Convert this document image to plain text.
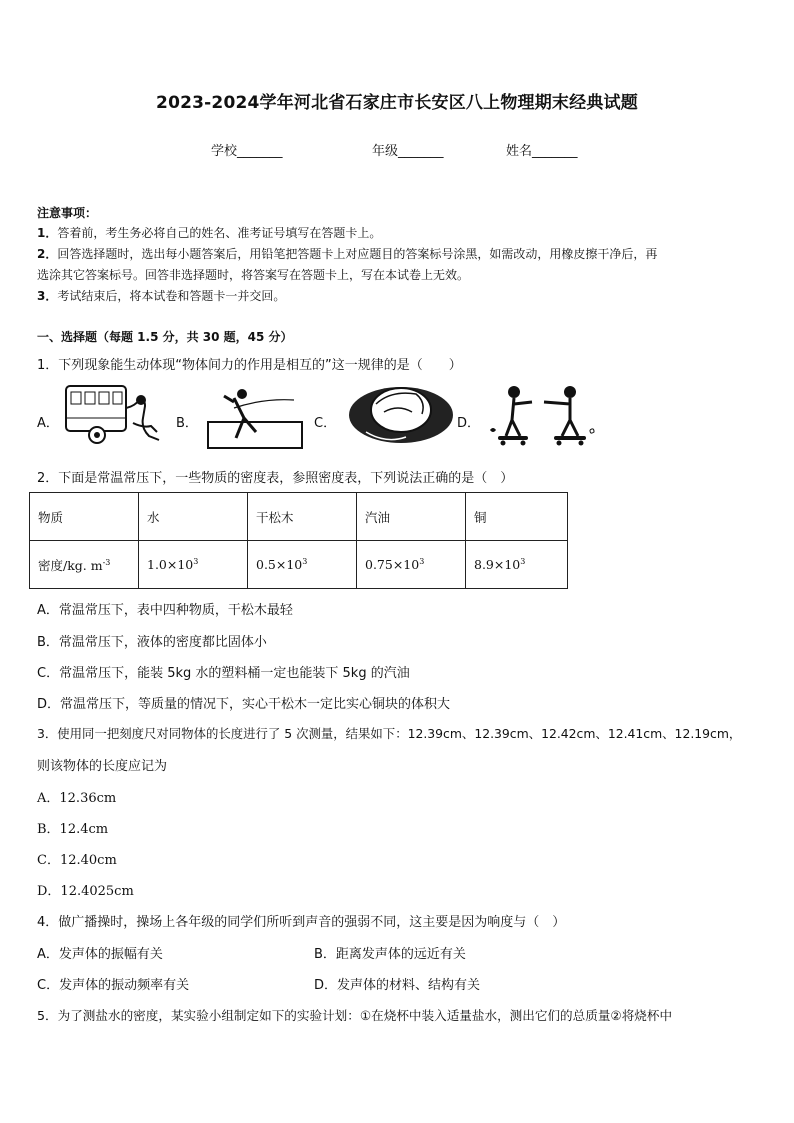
2023-2024学年河北省石家庄市长安区八上物理期末经典试题
学校_______	年级_______	姓名_______
注意事项：
1．答着前，考生务必将自己的姓名、准考证号填写在答题卡上。
2．回答选择题时，选出每小题答案后，用铅笔把答题卡上对应题目的答案标号涂黑，如需改动，用橡皮擦干净后，再
选涂其它答案标号。回答非选择题时，将答案写在答题卡上，写在本试卷上无效。
3．考试结束后，将本试卷和答题卡一并交回。
一、选择题（每题 1.5 分，共 30 题，45 分）
1．下列现象能生动体现“物体间力的作用是相互的”这一规律的是（　　）
A．	B．	C．	D．
2．下面是常温常压下，一些物质的密度表，参照密度表，下列说法正确的是（　）
物质	水	干松木	汽油	铜
密度/kg. $m^{-3}$	$1.0\times 10^3$	$0.5\times 10^3$	$0.75\times 10^3$	$8.9\times 10^3$
A．常温常压下，表中四种物质，干松木最轻
B．常温常压下，液体的密度都比固体小
C．常温常压下，能装 5kg 水的塑料桶一定也能装下 5kg 的汽油
D．常温常压下，等质量的情况下，实心干松木一定比实心铜块的体积大
3．使用同一把刻度尺对同物体的长度进行了 5 次测量，结果如下：12.39cm、12.39cm、12.42cm、12.41cm、12.19cm，
则该物体的长度应记为
A．12.36cm
B．12.4cm
C．12.40cm
D．12.4025cm
4．做广播操时，操场上各年级的同学们所听到声音的强弱不同，这主要是因为响度与（　）
A．发声体的振幅有关	B．距离发声体的远近有关
C．发声体的振动频率有关	D．发声体的材料、结构有关
5．为了测盐水的密度，某实验小组制定如下的实验计划：①在烧杯中装入适量盐水，测出它们的总质量②将烧杯中
